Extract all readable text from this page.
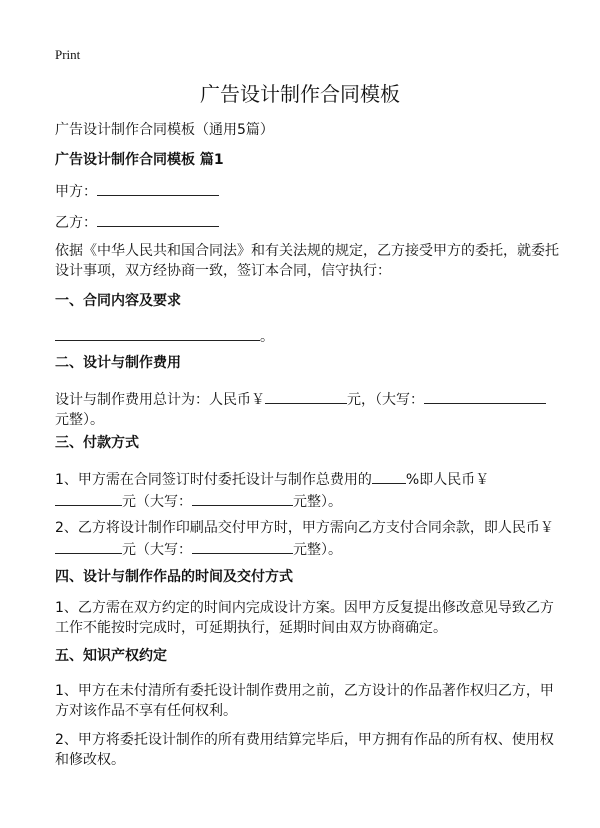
Print
广告设计制作合同模板
广告设计制作合同模板（通用5篇）
广告设计制作合同模板 篇1
甲方：
乙方：
依据《中华人民共和国合同法》和有关法规的规定，乙方接受甲方的委托，就委托
设计事项，双方经协商一致，签订本合同，信守执行：
一、合同内容及要求
。
二、设计与制作费用
设计与制作费用总计为：人民币￥	元，（大写：
元整）。
三、付款方式
1、甲方需在合同签订时付委托设计与制作总费用的 %即人民币￥
元（大写：	元整）。
2、乙方将设计制作印刷品交付甲方时，甲方需向乙方支付合同余款，即人民币￥
元（大写：	元整）。
四、设计与制作作品的时间及交付方式
1、乙方需在双方约定的时间内完成设计方案。因甲方反复提出修改意见导致乙方
工作不能按时完成时，可延期执行，延期时间由双方协商确定。
五、知识产权约定
1、甲方在未付清所有委托设计制作费用之前，乙方设计的作品著作权归乙方，甲
方对该作品不享有任何权利。
2、甲方将委托设计制作的所有费用结算完毕后，甲方拥有作品的所有权、使用权
和修改权。
